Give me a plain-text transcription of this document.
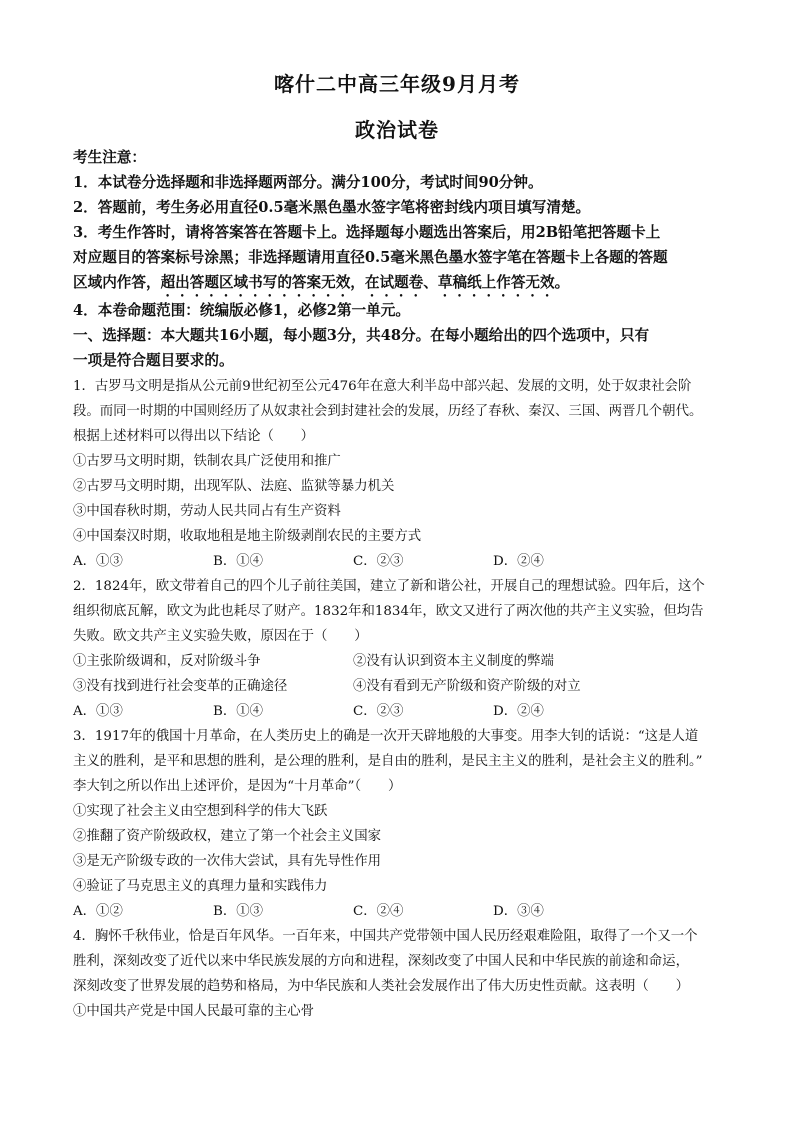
喀什二中高三年级9月月考
政治试卷
考生注意：
1．本试卷分选择题和非选择题两部分。满分100分，考试时间90分钟。
2．答题前，考生务必用直径0.5毫米黑色墨水签字笔将密封线内项目填写清楚。
3．考生作答时，请将答案答在答题卡上。选择题每小题选出答案后，用2B铅笔把答题卡上
对应题目的答案标号涂黑；非选择题请用直径0.5毫米黑色墨水签字笔在答题卡上各题的答题
区域内作答，超出答题区域书写的答案无效，在试题卷、草稿纸上作答无效。
4．本卷命题范围：统编版必修1，必修2第一单元。
一、选择题：本大题共16小题，每小题3分，共48分。在每小题给出的四个选项中，只有
一项是符合题目要求的。
1．古罗马文明是指从公元前9世纪初至公元476年在意大利半岛中部兴起、发展的文明，处于奴隶社会阶
段。而同一时期的中国则经历了从奴隶社会到封建社会的发展，历经了春秋、秦汉、三国、两晋几个朝代。
根据上述材料可以得出以下结论（　　）
①古罗马文明时期，铁制农具广泛使用和推广
②古罗马文明时期，出现军队、法庭、监狱等暴力机关
③中国春秋时期，劳动人民共同占有生产资料
④中国秦汉时期，收取地租是地主阶级剥削农民的主要方式
A．①③	B．①④	C．②③	D．②④
2．1824年，欧文带着自己的四个儿子前往美国，建立了新和谐公社，开展自己的理想试验。四年后，这个
组织彻底瓦解，欧文为此也耗尽了财产。1832年和1834年，欧文又进行了两次他的共产主义实验，但均告
失败。欧文共产主义实验失败，原因在于（　　）
①主张阶级调和，反对阶级斗争	②没有认识到资本主义制度的弊端
③没有找到进行社会变革的正确途径	④没有看到无产阶级和资产阶级的对立
A．①③	B．①④	C．②③	D．②④
3．1917年的俄国十月革命，在人类历史上的确是一次开天辟地般的大事变。用李大钊的话说：“这是人道
主义的胜利，是平和思想的胜利，是公理的胜利，是自由的胜利，是民主主义的胜利，是社会主义的胜利。”
李大钊之所以作出上述评价，是因为“十月革命”（　　）
①实现了社会主义由空想到科学的伟大飞跃
②推翻了资产阶级政权，建立了第一个社会主义国家
③是无产阶级专政的一次伟大尝试，具有先导性作用
④验证了马克思主义的真理力量和实践伟力
A．①②	B．①③	C．②④	D．③④
4．胸怀千秋伟业，恰是百年风华。一百年来，中国共产党带领中国人民历经艰难险阻，取得了一个又一个
胜利，深刻改变了近代以来中华民族发展的方向和进程，深刻改变了中国人民和中华民族的前途和命运，
深刻改变了世界发展的趋势和格局，为中华民族和人类社会发展作出了伟大历史性贡献。这表明（　　）
①中国共产党是中国人民最可靠的主心骨
